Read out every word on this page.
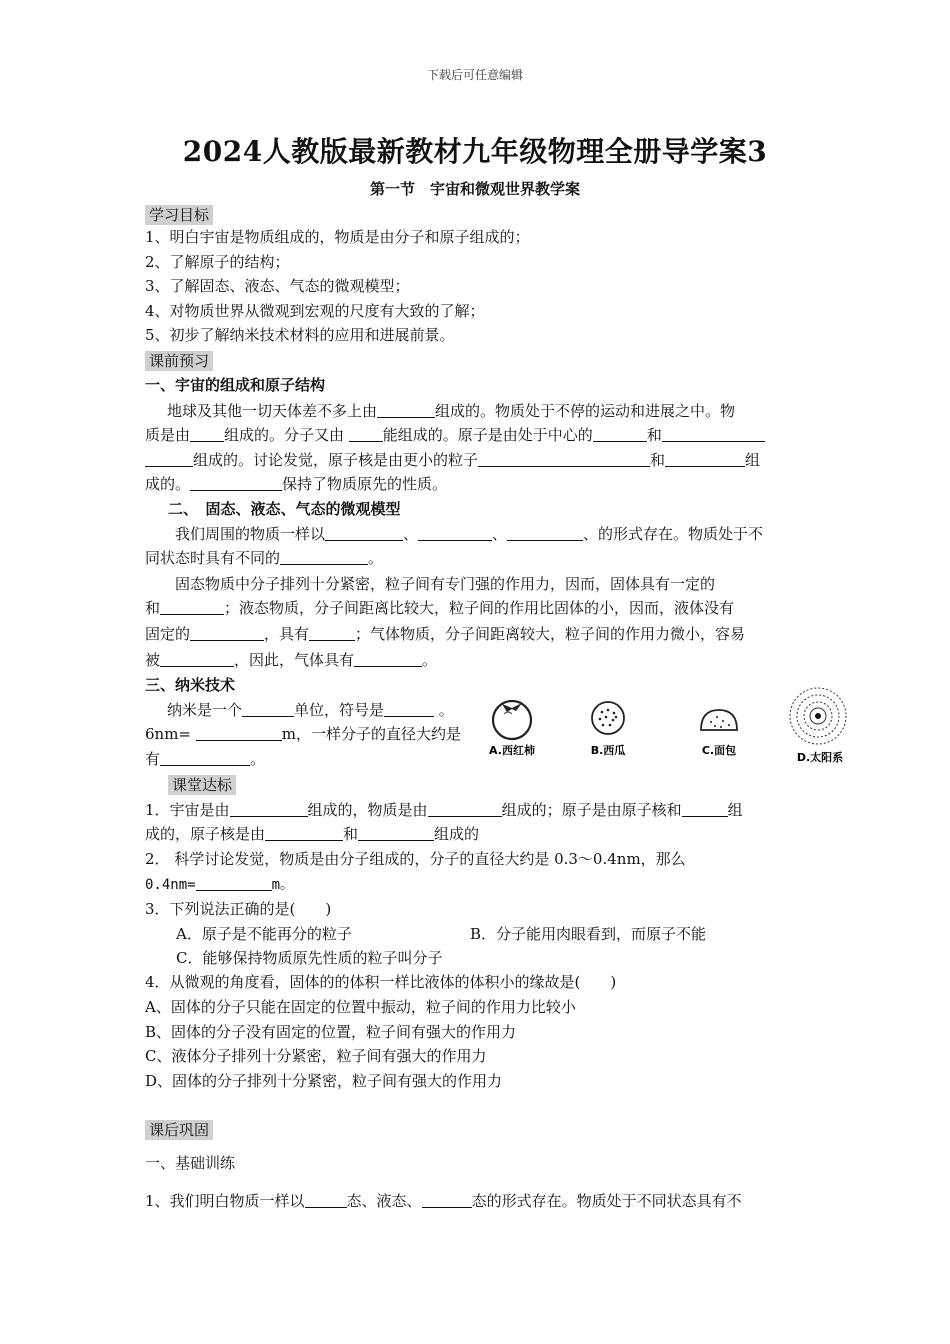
下载后可任意编辑
2024人教版最新教材九年级物理全册导学案3
第一节　宇宙和微观世界教学案
学习目标
1、明白宇宙是物质组成的，物质是由分子和原子组成的；
2、了解原子的结构；
3、了解固态、液态、气态的微观模型；
4、对物质世界从微观到宏观的尺度有大致的了解；
5、初步了解纳米技术材料的应用和进展前景。
课前预习
一、宇宙的组成和原子结构
地球及其他一切天体差不多上由	组成的。物质处于不停的运动和进展之中。物
质是由 组成的。分子又由 能组成的。原子是由处于中心的	和
组成的。讨论发觉，原子核是由更小的粒子	和	组
成的。	保持了物质原先的性质。
二、　固态、液态、气态的微观模型
我们周围的物质一样以	、	、	、的形式存在。物质处于不
同状态时具有不同的	。
固态物质中分子排列十分紧密，粒子间有专门强的作用力，因而，固体具有一定的
和	；液态物质，分子间距离比较大，粒子间的作用比固体的小，因而，液体没有
固定的	，具有	；气体物质，分子间距离较大，粒子间的作用力微小，容易
被	，因此，气体具有	。
三、纳米技术
纳米是一个	单位，符号是	。
6nm=	m，一样分子的直径大约是
有	。	A.西红柿	B.西瓜	C.面包
D.太阳系
课堂达标
1．宇宙是由	组成的，物质是由	组成的；原子是由原子核和	组
成的，原子核是由	和	组成的
2． 科学讨论发觉，物质是由分子组成的，分子的直径大约是 0.3～0.4nm，那么
0.4nm=	m。
3．下列说法正确的是(　　)
A．原子是不能再分的粒子	B．分子能用肉眼看到，而原子不能
C．能够保持物质原先性质的粒子叫分子
4．从微观的角度看，固体的的体积一样比液体的体积小的缘故是(　　)
A、固体的分子只能在固定的位置中振动，粒子间的作用力比较小
B、固体的分子没有固定的位置，粒子间有强大的作用力
C、液体分子排列十分紧密，粒子间有强大的作用力
D、固体的分子排列十分紧密，粒子间有强大的作用力
课后巩固
一、基础训练
1、我们明白物质一样以	态、液态、	态的形式存在。物质处于不同状态具有不
